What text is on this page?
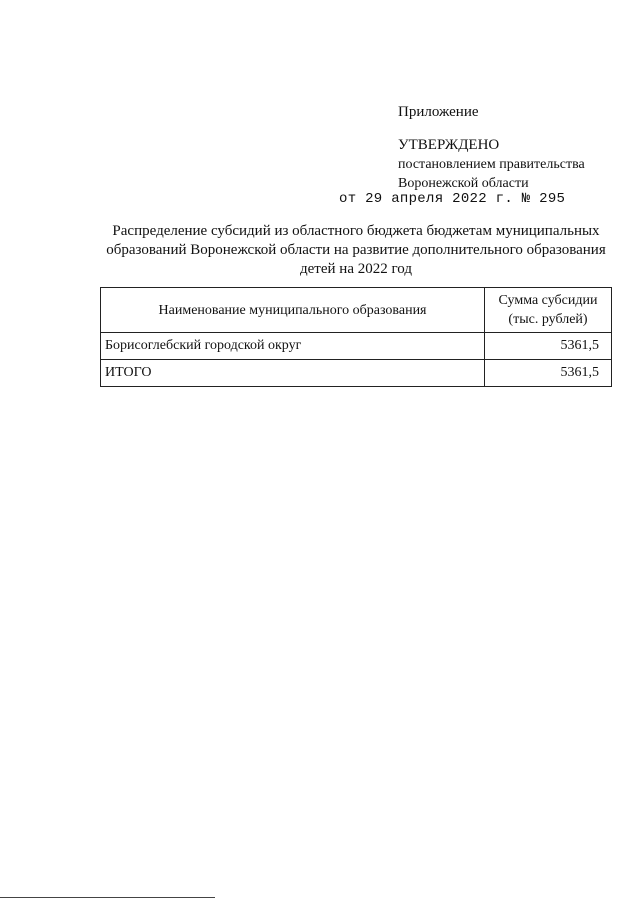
Приложение
УТВЕРЖДЕНО
постановлением правительства
Воронежской области
от 29 апреля 2022 г. № 295
Распределение субсидий из областного бюджета бюджетам муниципальных
образований Воронежской области на развитие дополнительного образования
детей на 2022 год
Наименование муниципального образования	Сумма субсидии
(тыс. рублей)

Борисоглебский городской округ	5361,5
ИТОГО	5361,5
